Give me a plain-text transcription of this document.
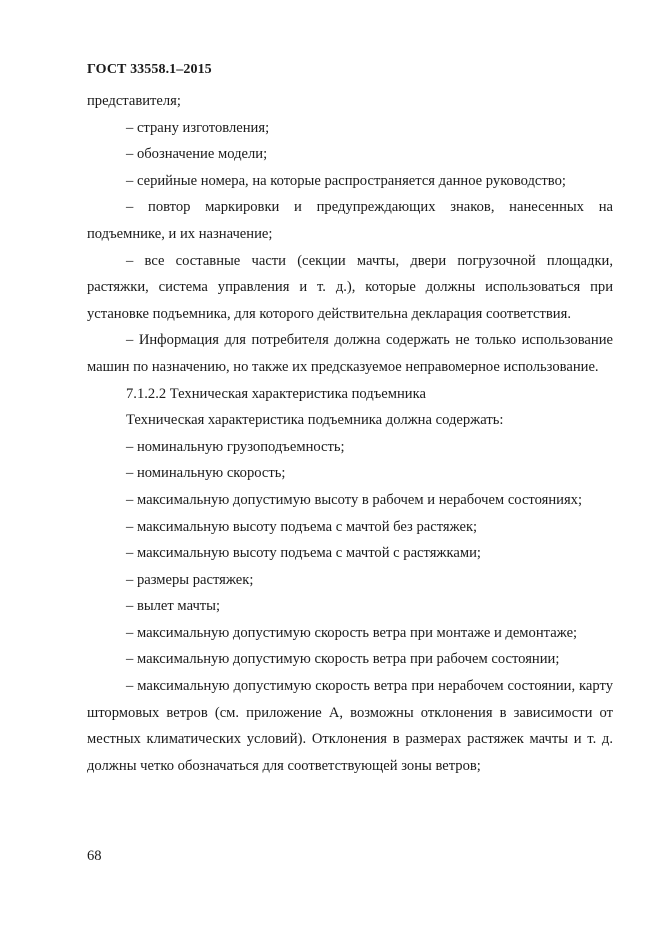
ГОСТ 33558.1–2015

представителя;

– страну изготовления;

– обозначение модели;

– серийные номера, на которые распространяется данное руководство;

– повтор маркировки и предупреждающих знаков, нанесенных на подъемнике, и их назначение;

– все составные части (секции мачты, двери погрузочной площадки, растяжки, система управления и т. д.), которые должны использоваться при установке подъемника, для которого действительна декларация соответствия.

– Информация для потребителя должна содержать не только использование машин по назначению, но также их предсказуемое неправомерное использование.

7.1.2.2 Техническая характеристика подъемника

Техническая характеристика подъемника должна содержать:

– номинальную грузоподъемность;

– номинальную скорость;

– максимальную допустимую высоту в рабочем и нерабочем состояниях;

– максимальную высоту подъема с мачтой без растяжек;

– максимальную высоту подъема с мачтой с растяжками;

– размеры растяжек;

– вылет мачты;

– максимальную допустимую скорость ветра при монтаже и демонтаже;

– максимальную допустимую скорость ветра при рабочем состоянии;

– максимальную допустимую скорость ветра при нерабочем состоянии, карту штормовых ветров (см. приложение А, возможны отклонения в зависимости от местных климатических условий). Отклонения в размерах растяжек мачты и т. д. должны четко обозначаться для соответствующей зоны ветров;

68
